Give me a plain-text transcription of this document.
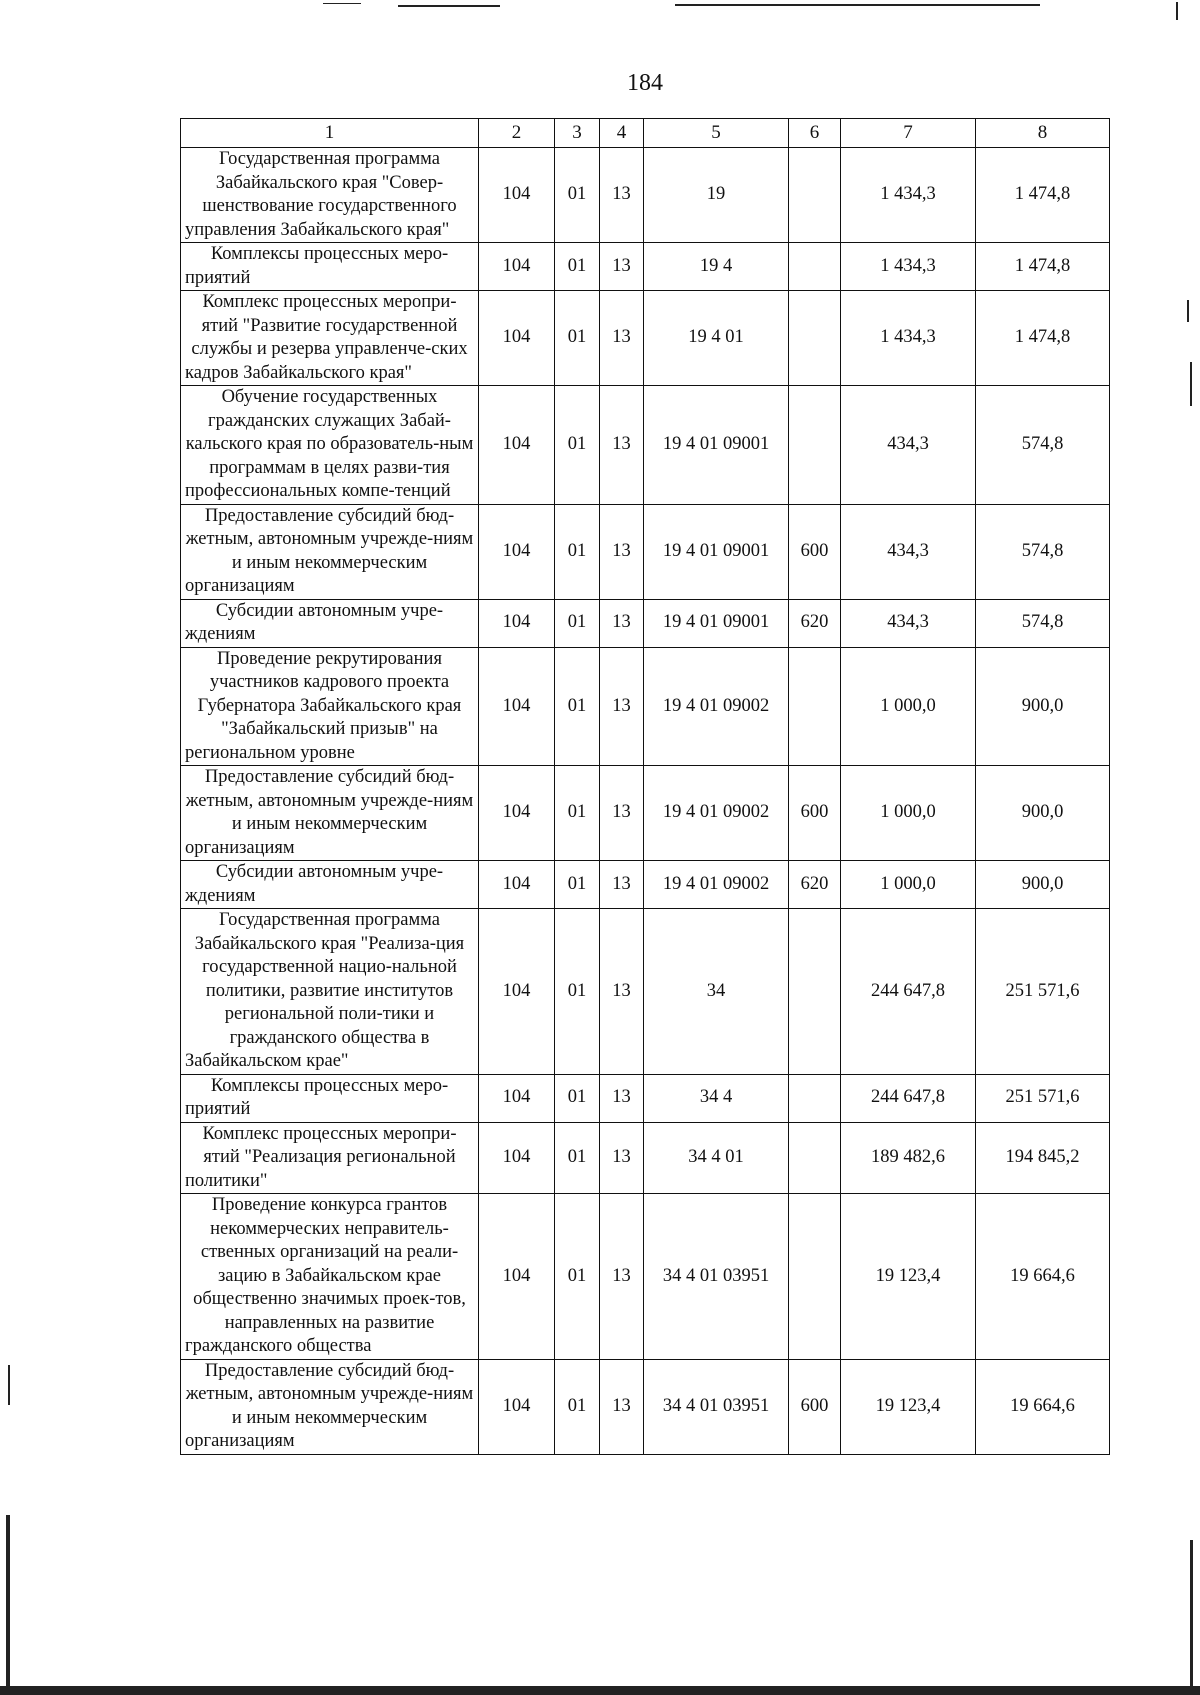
184
1	2	3	4	5	6	7	8
Государственная программа Забайкальского края "Совер-шенствование государственного управления Забайкальского края"	104	01	13	19		1 434,3	1 474,8
Комплексы процессных меро-приятий	104	01	13	19 4		1 434,3	1 474,8
Комплекс процессных меропри-ятий "Развитие государственной службы и резерва управленче-ских кадров Забайкальского края"	104	01	13	19 4 01		1 434,3	1 474,8
Обучение государственных гражданских служащих Забай-кальского края по образователь-ным программам в целях разви-тия профессиональных компе-тенций	104	01	13	19 4 01 09001		434,3	574,8
Предоставление субсидий бюд-жетным, автономным учрежде-ниям и иным некоммерческим организациям	104	01	13	19 4 01 09001	600	434,3	574,8
Субсидии автономным учре-ждениям	104	01	13	19 4 01 09001	620	434,3	574,8
Проведение рекрутирования участников кадрового проекта Губернатора Забайкальского края "Забайкальский призыв" на региональном уровне	104	01	13	19 4 01 09002		1 000,0	900,0
Предоставление субсидий бюд-жетным, автономным учрежде-ниям и иным некоммерческим организациям	104	01	13	19 4 01 09002	600	1 000,0	900,0
Субсидии автономным учре-ждениям	104	01	13	19 4 01 09002	620	1 000,0	900,0
Государственная программа Забайкальского края "Реализа-ция государственной нацио-нальной политики, развитие институтов региональной поли-тики и гражданского общества в Забайкальском крае"	104	01	13	34		244 647,8	251 571,6
Комплексы процессных меро-приятий	104	01	13	34 4		244 647,8	251 571,6
Комплекс процессных меропри-ятий "Реализация региональной политики"	104	01	13	34 4 01		189 482,6	194 845,2
Проведение конкурса грантов некоммерческих неправитель-ственных организаций на реали-зацию в Забайкальском крае общественно значимых проек-тов, направленных на развитие гражданского общества	104	01	13	34 4 01 03951		19 123,4	19 664,6
Предоставление субсидий бюд-жетным, автономным учрежде-ниям и иным некоммерческим организациям	104	01	13	34 4 01 03951	600	19 123,4	19 664,6
